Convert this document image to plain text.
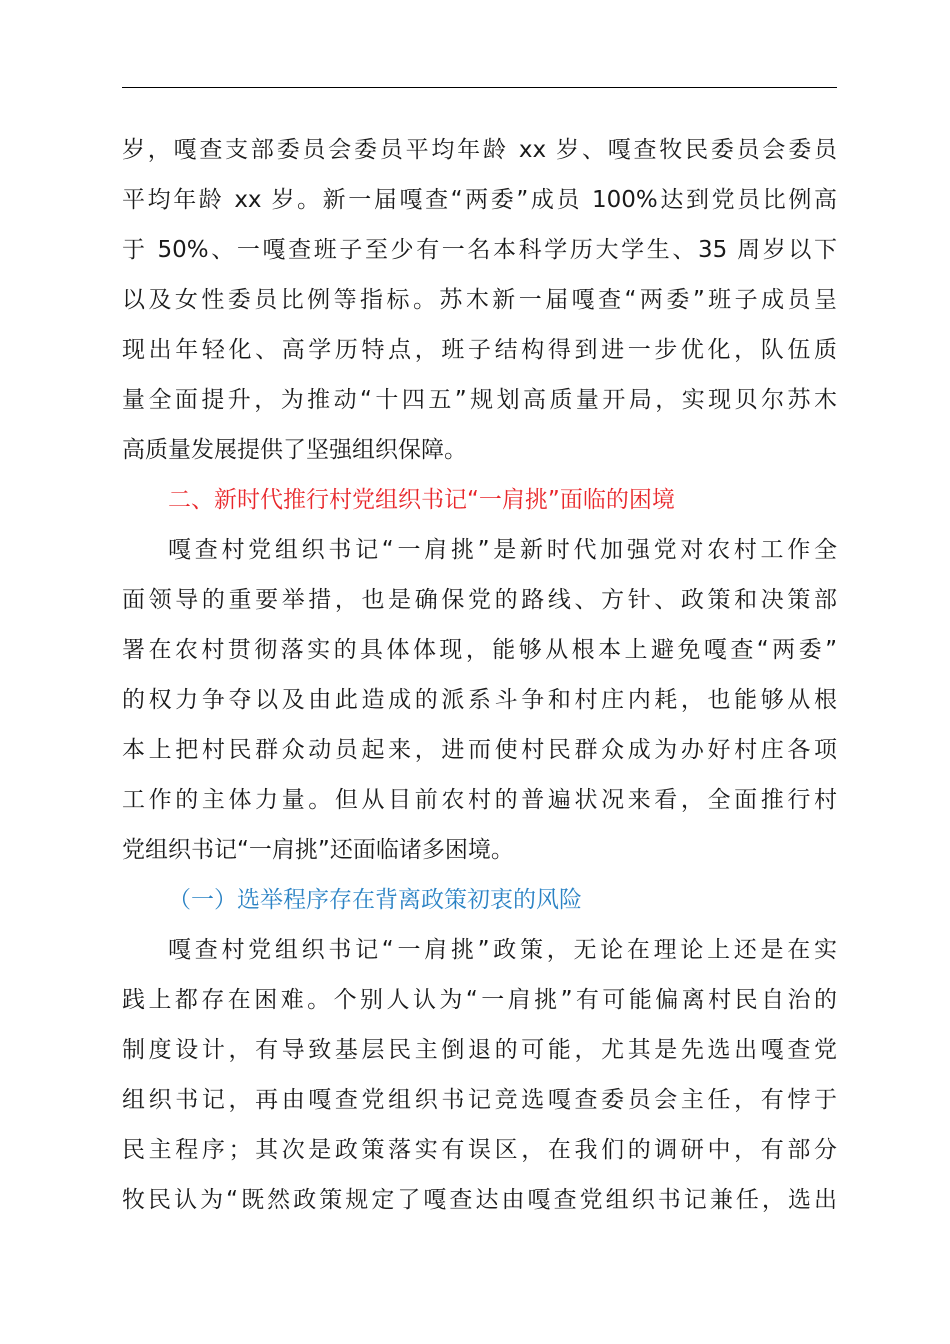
岁，嘎查支部委员会委员平均年龄 xx 岁、嘎查牧民委员会委员
平均年龄 xx 岁。新一届嘎查“两委”成员 100%达到党员比例高
于 50%、一嘎查班子至少有一名本科学历大学生、35 周岁以下
以及女性委员比例等指标。苏木新一届嘎查“两委”班子成员呈
现出年轻化、高学历特点，班子结构得到进一步优化，队伍质
量全面提升，为推动“十四五”规划高质量开局，实现贝尔苏木
高质量发展提供了坚强组织保障。
二、新时代推行村党组织书记“一肩挑”面临的困境
嘎查村党组织书记“一肩挑”是新时代加强党对农村工作全
面领导的重要举措，也是确保党的路线、方针、政策和决策部
署在农村贯彻落实的具体体现，能够从根本上避免嘎查“两委”
的权力争夺以及由此造成的派系斗争和村庄内耗，也能够从根
本上把村民群众动员起来，进而使村民群众成为办好村庄各项
工作的主体力量。但从目前农村的普遍状况来看，全面推行村
党组织书记“一肩挑”还面临诸多困境。
（一）选举程序存在背离政策初衷的风险
嘎查村党组织书记“一肩挑”政策，无论在理论上还是在实
践上都存在困难。个别人认为“一肩挑”有可能偏离村民自治的
制度设计，有导致基层民主倒退的可能，尤其是先选出嘎查党
组织书记，再由嘎查党组织书记竞选嘎查委员会主任，有悖于
民主程序；其次是政策落实有误区，在我们的调研中，有部分
牧民认为“既然政策规定了嘎查达由嘎查党组织书记兼任，选出
